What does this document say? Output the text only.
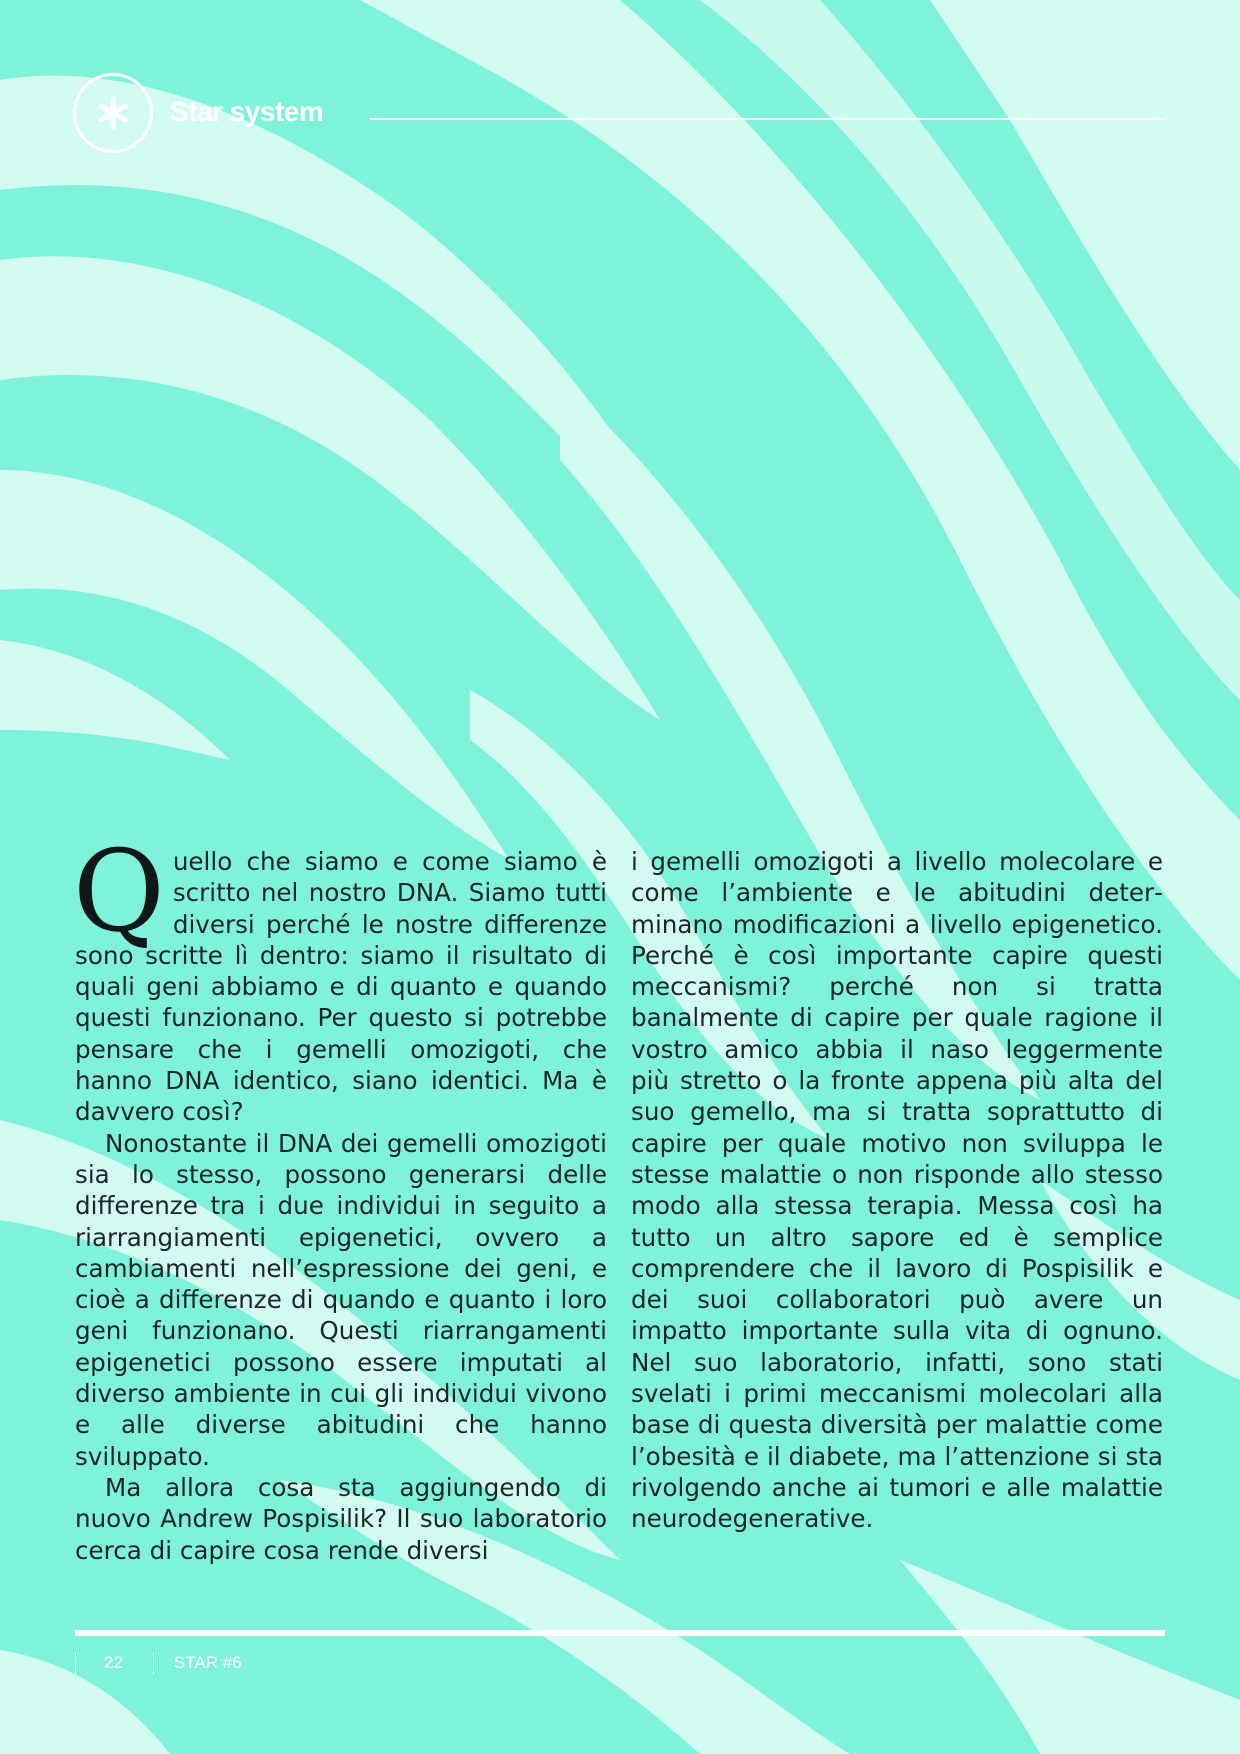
Star system

Quello che siamo e come siamo è scritto nel nostro DNA. Siamo tutti diversi perché le nostre differenze sono scritte lì dentro: siamo il risultato di quali geni abbiamo e di quanto e quando questi funzionano. Per questo si potrebbe pensare che i gemelli omozigoti, che hanno DNA identico, siano identici. Ma è davvero così?

Nonostante il DNA dei gemelli omozigoti sia lo stesso, possono generarsi delle differenze tra i due individui in seguito a riarrangiamenti epigenetici, ovvero a cambiamenti nell’espressione dei geni, e cioè a differenze di quando e quanto i loro geni funzionano. Questi riarrangamenti epigenetici possono essere imputati al diverso ambiente in cui gli individui vivono e alle diverse abitudini che hanno sviluppato.

Ma allora cosa sta aggiungendo di nuovo Andrew Pospisilik? Il suo laboratorio cerca di capire cosa rende diversi

i gemelli omozigoti a livello molecolare e come l’ambiente e le abitudini determinano modificazioni a livello epigenetico. Perché è così importante capire questi meccanismi? perché non si tratta banalmente di capire per quale ragione il vostro amico abbia il naso leggermente più stretto o la fronte appena più alta del suo gemello, ma si tratta soprattutto di capire per quale motivo non sviluppa le stesse malattie o non risponde allo stesso modo alla stessa terapia. Messa così ha tutto un altro sapore ed è semplice comprendere che il lavoro di Pospisilik e dei suoi collaboratori può avere un impatto importante sulla vita di ognuno. Nel suo laboratorio, infatti, sono stati svelati i primi meccanismi molecolari alla base di questa diversità per malattie come l’obesità e il diabete, ma l’attenzione si sta rivolgendo anche ai tumori e alle malattie neurodegenerative.

22	STAR #6
